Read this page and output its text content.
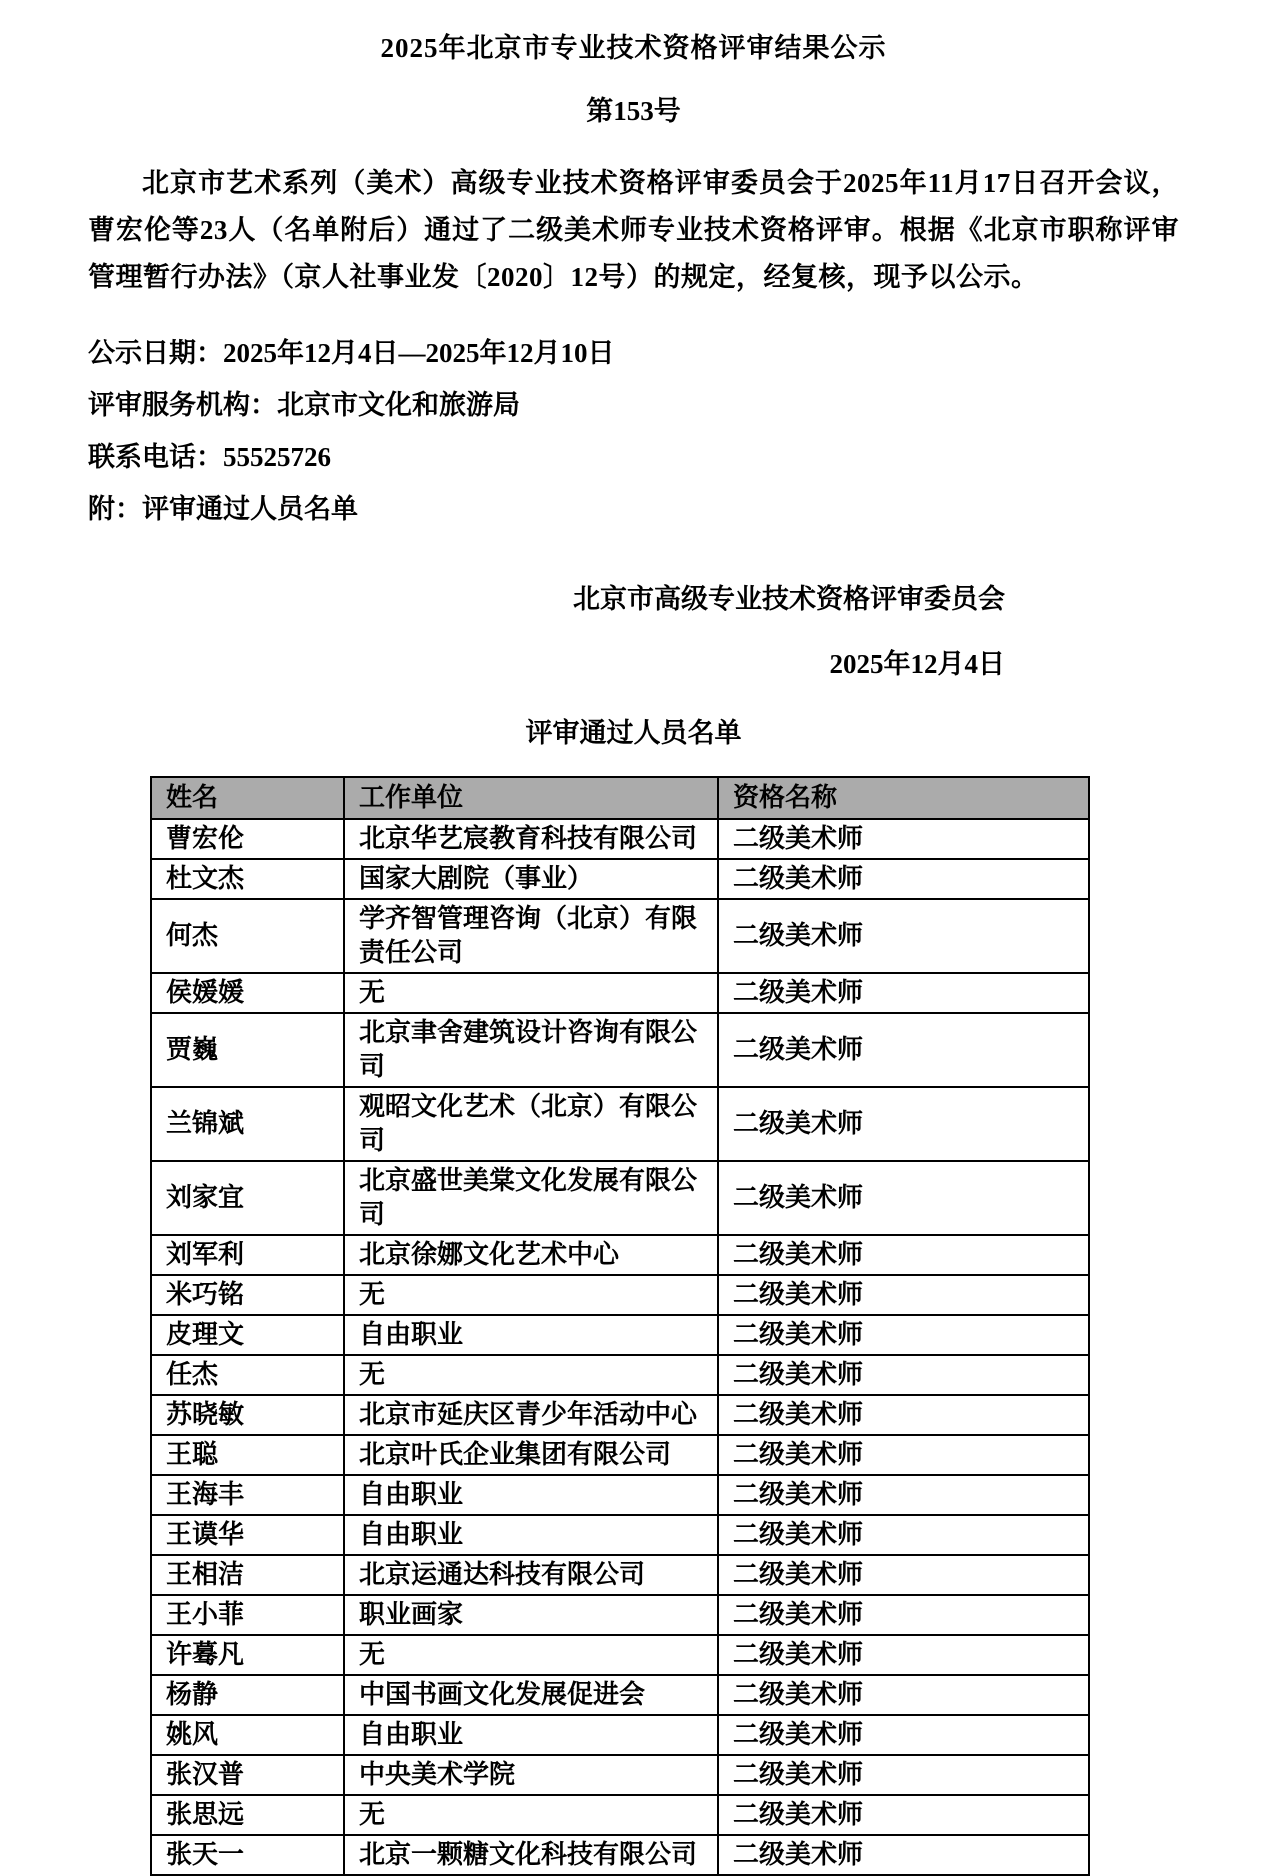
2025年北京市专业技术资格评审结果公示
第153号
北京市艺术系列（美术）高级专业技术资格评审委员会于2025年11月17日召开会议，曹宏伦等23人（名单附后）通过了二级美术师专业技术资格评审。根据《北京市职称评审管理暂行办法》（京人社事业发〔2020〕12号）的规定，经复核，现予以公示。
公示日期：2025年12月4日—2025年12月10日
评审服务机构：北京市文化和旅游局
联系电话：55525726
附：评审通过人员名单
北京市高级专业技术资格评审委员会
2025年12月4日
评审通过人员名单
姓名	工作单位	资格名称
曹宏伦	北京华艺宸教育科技有限公司	二级美术师
杜文杰	国家大剧院（事业）	二级美术师
何杰	学齐智管理咨询（北京）有限责任公司	二级美术师
侯媛媛	无	二级美术师
贾巍	北京聿舍建筑设计咨询有限公司	二级美术师
兰锦斌	观昭文化艺术（北京）有限公司	二级美术师
刘家宜	北京盛世美棠文化发展有限公司	二级美术师
刘军利	北京徐娜文化艺术中心	二级美术师
米巧铭	无	二级美术师
皮理文	自由职业	二级美术师
任杰	无	二级美术师
苏晓敏	北京市延庆区青少年活动中心	二级美术师
王聪	北京叶氏企业集团有限公司	二级美术师
王海丰	自由职业	二级美术师
王谟华	自由职业	二级美术师
王相洁	北京运通达科技有限公司	二级美术师
王小菲	职业画家	二级美术师
许蓦凡	无	二级美术师
杨静	中国书画文化发展促进会	二级美术师
姚风	自由职业	二级美术师
张汉普	中央美术学院	二级美术师
张思远	无	二级美术师
张天一	北京一颗糖文化科技有限公司	二级美术师
